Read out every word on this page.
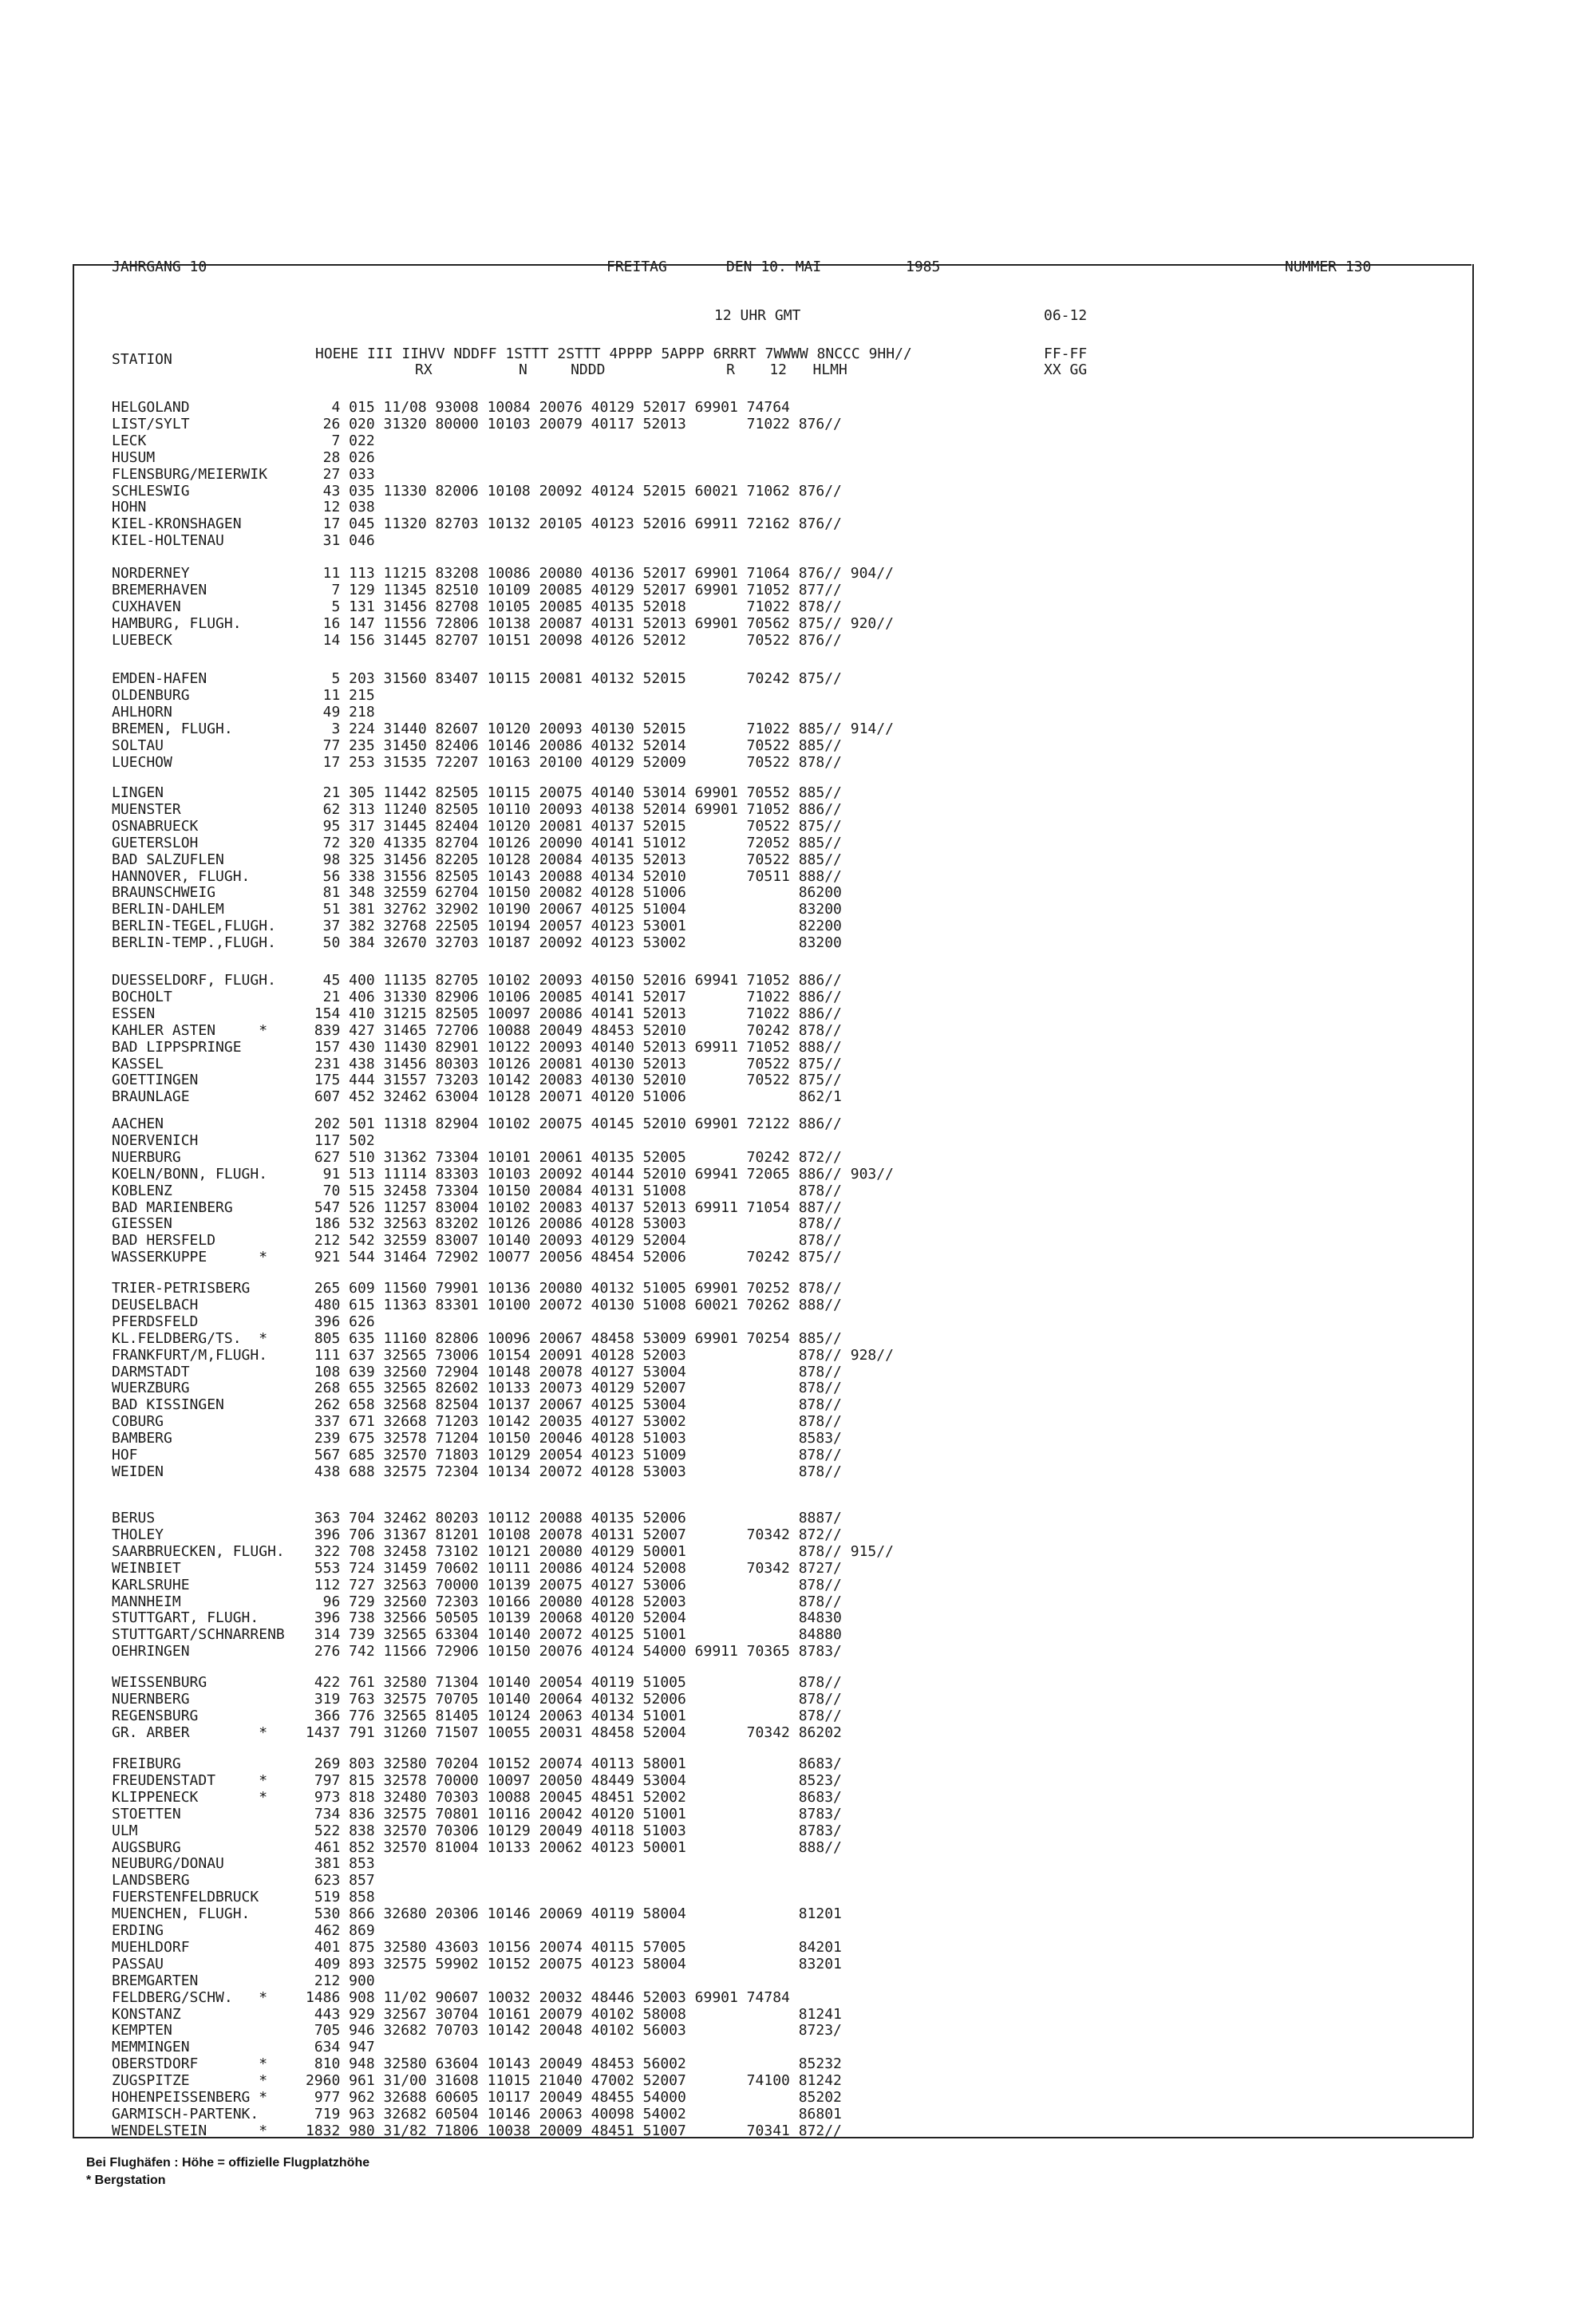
JAHRGANG 10	FREITAG	DEN 10. MAI	1985	NUMMER 130
12 UHR GMT	06-12
STATION	HOEHE III IIHVV NDDFF 1STTT 2STTT 4PPPP 5APPP 6RRRT 7WWWW 8NCCC 9HH//
RX          N     NDDD              R    12   HLMH
FF-FF
XX GG
HELGOLAND	4 015 11/08 93008 10084 20076 40129 52017 69901 74764
LIST/SYLT	26 020 31320 80000 10103 20079 40117 52013       71022 876//
LECK	7 022
HUSUM	28 026
FLENSBURG/MEIERWIK	27 033
SCHLESWIG	43 035 11330 82006 10108 20092 40124 52015 60021 71062 876//
HOHN	12 038
KIEL-KRONSHAGEN	17 045 11320 82703 10132 20105 40123 52016 69911 72162 876//
KIEL-HOLTENAU	31 046
NORDERNEY	11 113 11215 83208 10086 20080 40136 52017 69901 71064 876// 904//
BREMERHAVEN	7 129 11345 82510 10109 20085 40129 52017 69901 71052 877//
CUXHAVEN	5 131 31456 82708 10105 20085 40135 52018       71022 878//
HAMBURG, FLUGH.	16 147 11556 72806 10138 20087 40131 52013 69901 70562 875// 920//
LUEBECK	14 156 31445 82707 10151 20098 40126 52012       70522 876//
EMDEN-HAFEN	5 203 31560 83407 10115 20081 40132 52015       70242 875//
OLDENBURG	11 215
AHLHORN	49 218
BREMEN, FLUGH.	3 224 31440 82607 10120 20093 40130 52015       71022 885// 914//
SOLTAU	77 235 31450 82406 10146 20086 40132 52014       70522 885//
LUECHOW	17 253 31535 72207 10163 20100 40129 52009       70522 878//
LINGEN	21 305 11442 82505 10115 20075 40140 53014 69901 70552 885//
MUENSTER	62 313 11240 82505 10110 20093 40138 52014 69901 71052 886//
OSNABRUECK	95 317 31445 82404 10120 20081 40137 52015       70522 875//
GUETERSLOH	72 320 41335 82704 10126 20090 40141 51012       72052 885//
BAD SALZUFLEN	98 325 31456 82205 10128 20084 40135 52013       70522 885//
HANNOVER, FLUGH.	56 338 31556 82505 10143 20088 40134 52010       70511 888//
BRAUNSCHWEIG	81 348 32559 62704 10150 20082 40128 51006             86200
BERLIN-DAHLEM	51 381 32762 32902 10190 20067 40125 51004             83200
BERLIN-TEGEL,FLUGH. 37 382 32768 22505 10194 20057 40123 53001             82200
BERLIN-TEMP.,FLUGH. 50 384 32670 32703 10187 20092 40123 53002             83200
DUESSELDORF, FLUGH. 45 400 11135 82705 10102 20093 40150 52016 69941 71052 886//
BOCHOLT	21 406 31330 82906 10106 20085 40141 52017       71022 886//
ESSEN	154 410 31215 82505 10097 20086 40141 52013       71022 886//
KAHLER ASTEN     *	839 427 31465 72706 10088 20049 48453 52010       70242 878//
BAD LIPPSPRINGE	157 430 11430 82901 10122 20093 40140 52013 69911 71052 888//
KASSEL	231 438 31456 80303 10126 20081 40130 52013       70522 875//
GOETTINGEN	175 444 31557 73203 10142 20083 40130 52010       70522 875//
BRAUNLAGE	607 452 32462 63004 10128 20071 40120 51006             862/1
AACHEN	202 501 11318 82904 10102 20075 40145 52010 69901 72122 886//
NOERVENICH	117 502
NUERBURG	627 510 31362 73304 10101 20061 40135 52005       70242 872//
KOELN/BONN, FLUGH.	91 513 11114 83303 10103 20092 40144 52010 69941 72065 886// 903//
KOBLENZ	70 515 32458 73304 10150 20084 40131 51008             878//
BAD MARIENBERG	547 526 11257 83004 10102 20083 40137 52013 69911 71054 887//
GIESSEN	186 532 32563 83202 10126 20086 40128 53003             878//
BAD HERSFELD	212 542 32559 83007 10140 20093 40129 52004             878//
WASSERKUPPE      *	921 544 31464 72902 10077 20056 48454 52006       70242 875//
TRIER-PETRISBERG	265 609 11560 79901 10136 20080 40132 51005 69901 70252 878//
DEUSELBACH	480 615 11363 83301 10100 20072 40130 51008 60021 70262 888//
PFERDSFELD	396 626
KL.FELDBERG/TS.  *	805 635 11160 82806 10096 20067 48458 53009 69901 70254 885//
FRANKFURT/M,FLUGH.	111 637 32565 73006 10154 20091 40128 52003             878// 928//
DARMSTADT	108 639 32560 72904 10148 20078 40127 53004             878//
WUERZBURG	268 655 32565 82602 10133 20073 40129 52007             878//
BAD KISSINGEN	262 658 32568 82504 10137 20067 40125 53004             878//
COBURG	337 671 32668 71203 10142 20035 40127 53002             878//
BAMBERG	239 675 32578 71204 10150 20046 40128 51003             8583/
HOF	567 685 32570 71803 10129 20054 40123 51009             878//
WEIDEN	438 688 32575 72304 10134 20072 40128 53003             878//
BERUS	363 704 32462 80203 10112 20088 40135 52006             8887/
THOLEY	396 706 31367 81201 10108 20078 40131 52007       70342 872//
SAARBRUECKEN, FLUGH. 322 708 32458 73102 10121 20080 40129 50001             878// 915//
WEINBIET	553 724 31459 70602 10111 20086 40124 52008       70342 8727/
KARLSRUHE	112 727 32563 70000 10139 20075 40127 53006             878//
MANNHEIM	96 729 32560 72303 10166 20080 40128 52003             878//
STUTTGART, FLUGH.	396 738 32566 50505 10139 20068 40120 52004             84830
STUTTGART/SCHNARRENB 314 739 32565 63304 10140 20072 40125 51001             84880
OEHRINGEN	276 742 11566 72906 10150 20076 40124 54000 69911 70365 8783/
WEISSENBURG	422 761 32580 71304 10140 20054 40119 51005             878//
NUERNBERG	319 763 32575 70705 10140 20064 40132 52006             878//
REGENSBURG	366 776 32565 81405 10124 20063 40134 51001             878//
GR. ARBER        *	1437 791 31260 71507 10055 20031 48458 52004       70342 86202
FREIBURG	269 803 32580 70204 10152 20074 40113 58001             8683/
FREUDENSTADT     *	797 815 32578 70000 10097 20050 48449 53004             8523/
KLIPPENECK       *	973 818 32480 70303 10088 20045 48451 52002             8683/
STOETTEN	734 836 32575 70801 10116 20042 40120 51001             8783/
ULM	522 838 32570 70306 10129 20049 40118 51003             8783/
AUGSBURG	461 852 32570 81004 10133 20062 40123 50001             888//
NEUBURG/DONAU	381 853
LANDSBERG	623 857
FUERSTENFELDBRUCK	519 858
MUENCHEN, FLUGH.	530 866 32680 20306 10146 20069 40119 58004             81201
ERDING	462 869
MUEHLDORF	401 875 32580 43603 10156 20074 40115 57005             84201
PASSAU	409 893 32575 59902 10152 20075 40123 58004             83201
BREMGARTEN	212 900
FELDBERG/SCHW.   *	1486 908 11/02 90607 10032 20032 48446 52003 69901 74784
KONSTANZ	443 929 32567 30704 10161 20079 40102 58008             81241
KEMPTEN	705 946 32682 70703 10142 20048 40102 56003             8723/
MEMMINGEN	634 947
OBERSTDORF       *	810 948 32580 63604 10143 20049 48453 56002             85232
ZUGSPITZE        *	2960 961 31/00 31608 11015 21040 47002 52007       74100 81242
HOHENPEISSENBERG *	977 962 32688 60605 10117 20049 48455 54000             85202
GARMISCH-PARTENK.	719 963 32682 60504 10146 20063 40098 54002             86801
WENDELSTEIN      *	1832 980 31/82 71806 10038 20009 48451 51007       70341 872//
Bei Flughäfen : Höhe = offizielle Flugplatzhöhe
* Bergstation
